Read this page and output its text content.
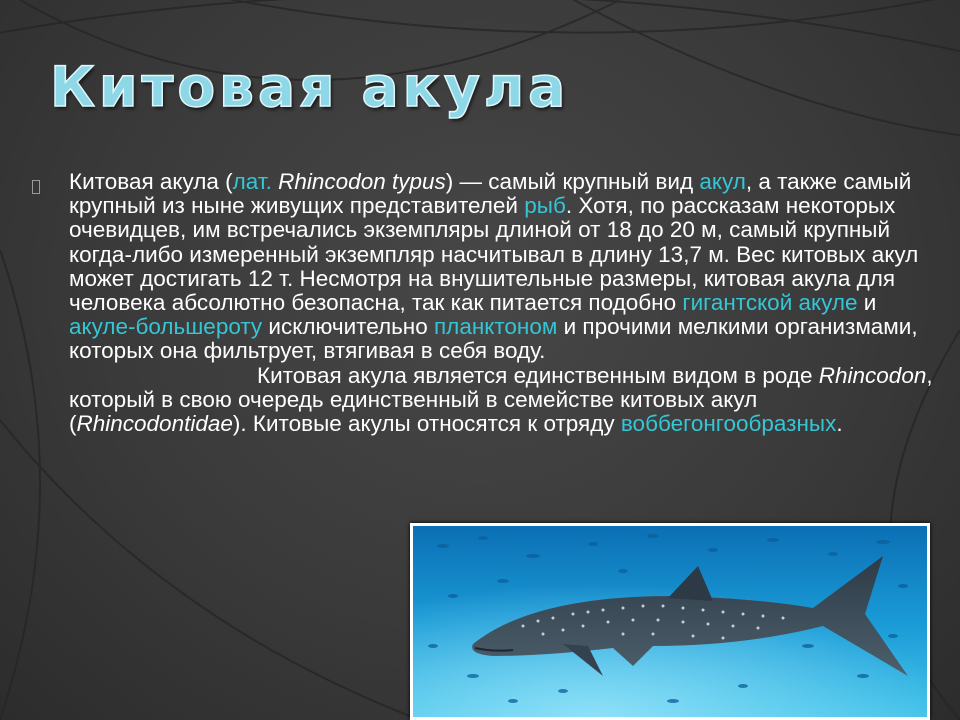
Китовая акула

Китовая акула (лат. Rhincodon typus) — самый крупный вид акул, а также самый крупный из ныне живущих представителей рыб. Хотя, по рассказам некоторых очевидцев, им встречались экземпляры длиной от 18 до 20 м, самый крупный когда-либо измеренный экземпляр насчитывал в длину 13,7 м. Вес китовых акул может достигать 12 т. Несмотря на внушительные размеры, китовая акула для человека абсолютно безопасна, так как питается подобно гигантской акуле и акуле-большероту исключительно планктоном и прочими мелкими организмами, которых она фильтрует, втягивая в себя воду.
Китовая акула является единственным видом в роде Rhincodon, который в свою очередь единственный в семействе китовых акул (Rhincodontidae). Китовые акулы относятся к отряду воббегонгообразных.
